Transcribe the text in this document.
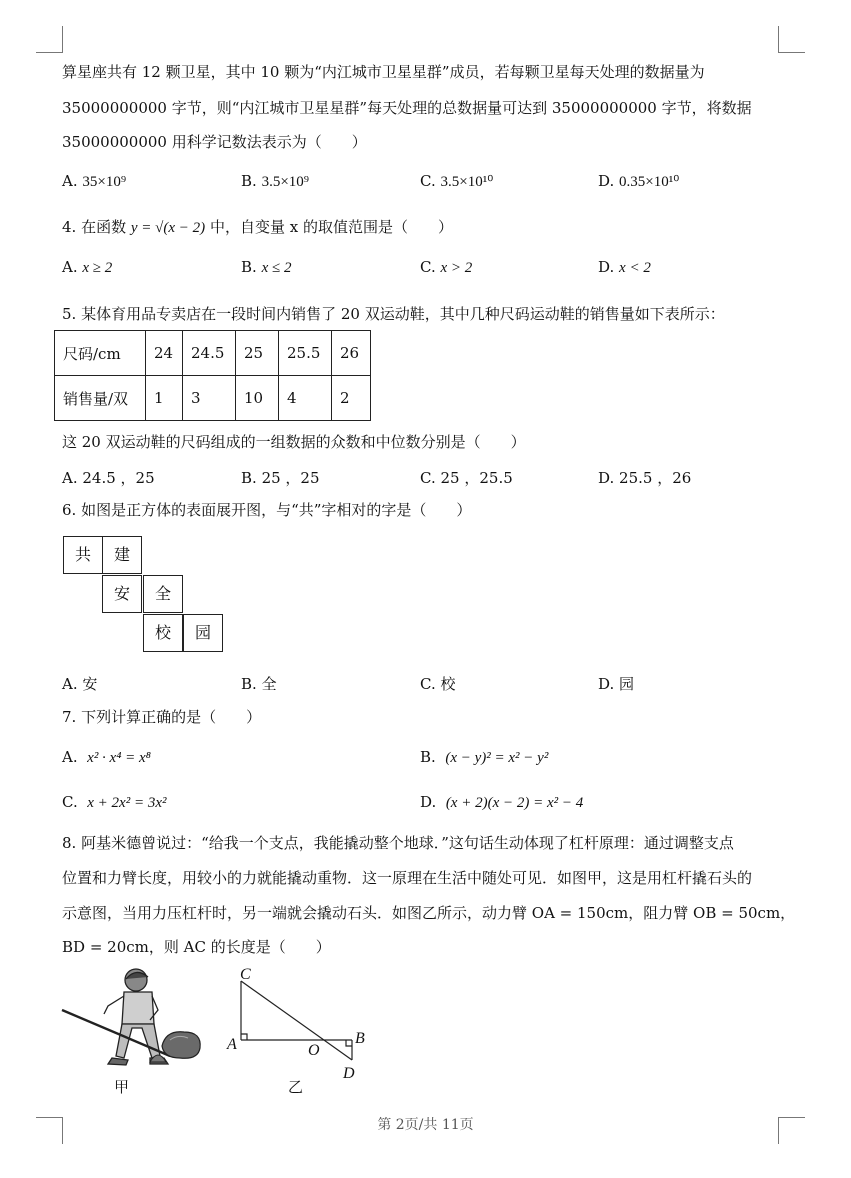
算星座共有 12 颗卫星，其中 10 颗为“内江城市卫星星群”成员，若每颗卫星每天处理的数据量为
35000000000 字节，则“内江城市卫星星群”每天处理的总数据量可达到 35000000000 字节，将数据
35000000000 用科学记数法表示为（　　）
A. 35×10⁹	B. 3.5×10⁹	C. 3.5×10¹⁰	D. 0.35×10¹⁰
4. 在函数 y = √(x − 2) 中，自变量 x 的取值范围是（　　）
A. x ≥ 2	B. x ≤ 2	C. x > 2	D. x < 2
5. 某体育用品专卖店在一段时间内销售了 20 双运动鞋，其中几种尺码运动鞋的销售量如下表所示：
尺码/cm	24	24.5	25	25.5	26
销售量/双	1	3	10	4	2
这 20 双运动鞋的尺码组成的一组数据的众数和中位数分别是（　　）
A. 24.5 ，25	B. 25 ，25	C. 25 ，25.5	D. 25.5 ，26
6. 如图是正方体的表面展开图，与“共”字相对的字是（　　）
共	建
安	全
校	园
A. 安	B. 全	C. 校	D. 园
7. 下列计算正确的是（　　）
A. x² · x⁴ = x⁸	B. (x − y)² = x² − y²
C. x + 2x² = 3x²	D. (x + 2)(x − 2) = x² − 4
8. 阿基米德曾说过：“给我一个支点，我能撬动整个地球．”这句话生动体现了杠杆原理：通过调整支点
位置和力臂长度，用较小的力就能撬动重物．这一原理在生活中随处可见．如图甲，这是用杠杆撬石头的
示意图，当用力压杠杆时，另一端就会撬动石头．如图乙所示，动力臂 OA = 150cm，阻力臂 OB = 50cm，
BD = 20cm，则 AC 的长度是（　　）
甲
C
A	O
B
D
乙
第 2页/共 11页
